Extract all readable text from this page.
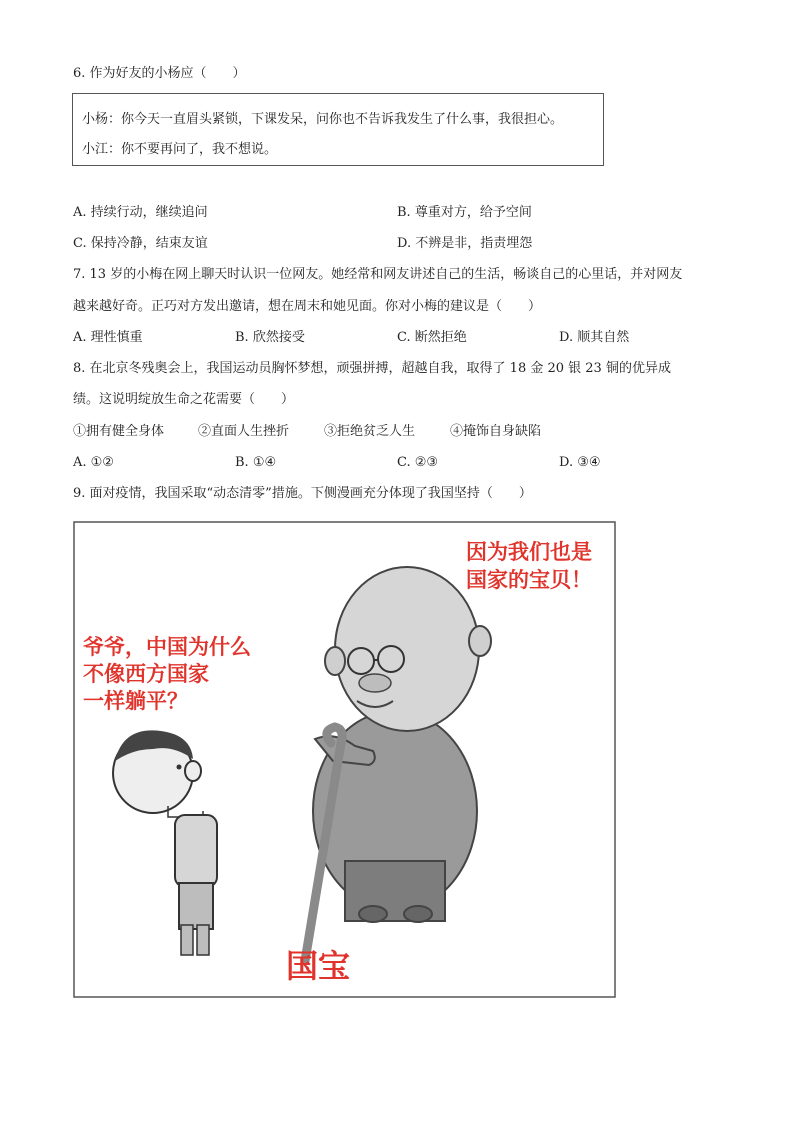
6. 作为好友的小杨应（　　）
小杨：你今天一直眉头紧锁，下课发呆，问你也不告诉我发生了什么事，我很担心。
小江：你不要再问了，我不想说。
A. 持续行动，继续追问	B. 尊重对方，给予空间
C. 保持冷静，结束友谊	D. 不辨是非，指责埋怨
7. 13 岁的小梅在网上聊天时认识一位网友。她经常和网友讲述自己的生活，畅谈自己的心里话，并对网友
越来越好奇。正巧对方发出邀请，想在周末和她见面。你对小梅的建议是（　　）
A. 理性慎重	B. 欣然接受	C. 断然拒绝	D. 顺其自然
8. 在北京冬残奥会上，我国运动员胸怀梦想，顽强拼搏，超越自我，取得了 18 金 20 银 23 铜的优异成
绩。这说明绽放生命之花需要（　　）
①拥有健全身体	②直面人生挫折	③拒绝贫乏人生	④掩饰自身缺陷
A. ①②	B. ①④	C. ②③	D. ③④
9. 面对疫情，我国采取“动态清零”措施。下侧漫画充分体现了我国坚持（　　）
爷爷，中国为什么
不像西方国家
一样躺平？
因为我们也是
国家的宝贝！
国宝
